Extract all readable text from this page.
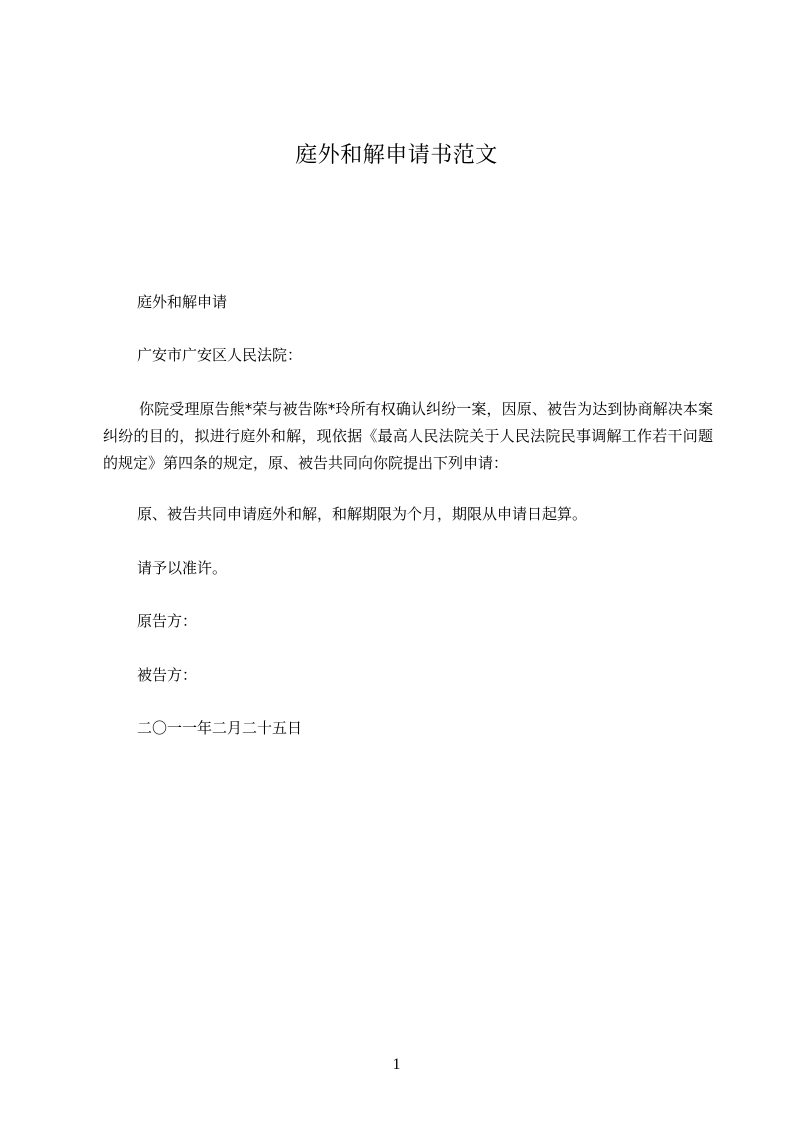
庭外和解申请书范文
庭外和解申请
广安市广安区人民法院：
你院受理原告熊*荣与被告陈*玲所有权确认纠纷一案，因原、被告为达到协商解决本案纠纷的目的，拟进行庭外和解，现依据《最高人民法院关于人民法院民事调解工作若干问题的规定》第四条的规定，原、被告共同向你院提出下列申请：
原、被告共同申请庭外和解，和解期限为个月，期限从申请日起算。
请予以准许。
原告方：
被告方：
二〇一一年二月二十五日
1
